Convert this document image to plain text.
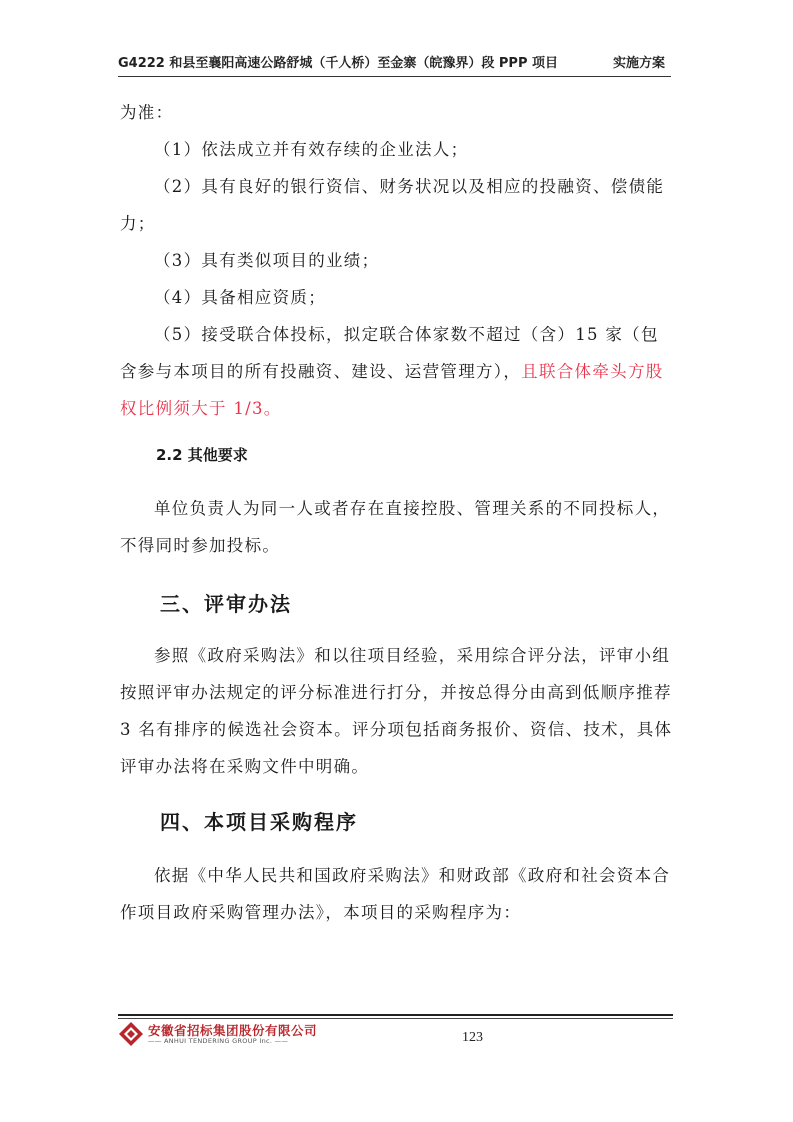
G4222 和县至襄阳高速公路舒城（千人桥）至金寨（皖豫界）段 PPP 项目	实施方案
为准：
（1）依法成立并有效存续的企业法人；
（2）具有良好的银行资信、财务状况以及相应的投融资、偿债能力；
（3）具有类似项目的业绩；
（4）具备相应资质；
（5）接受联合体投标，拟定联合体家数不超过（含）15 家（包含参与本项目的所有投融资、建设、运营管理方），且联合体牵头方股权比例须大于 1/3。
2.2 其他要求
单位负责人为同一人或者存在直接控股、管理关系的不同投标人，不得同时参加投标。
三、评审办法
参照《政府采购法》和以往项目经验，采用综合评分法，评审小组按照评审办法规定的评分标准进行打分，并按总得分由高到低顺序推荐 3 名有排序的候选社会资本。评分项包括商务报价、资信、技术，具体评审办法将在采购文件中明确。
四、本项目采购程序
依据《中华人民共和国政府采购法》和财政部《政府和社会资本合作项目政府采购管理办法》，本项目的采购程序为：
安徽省招标集团股份有限公司
—— ANHUI TENDERING GROUP Inc. ——	123
